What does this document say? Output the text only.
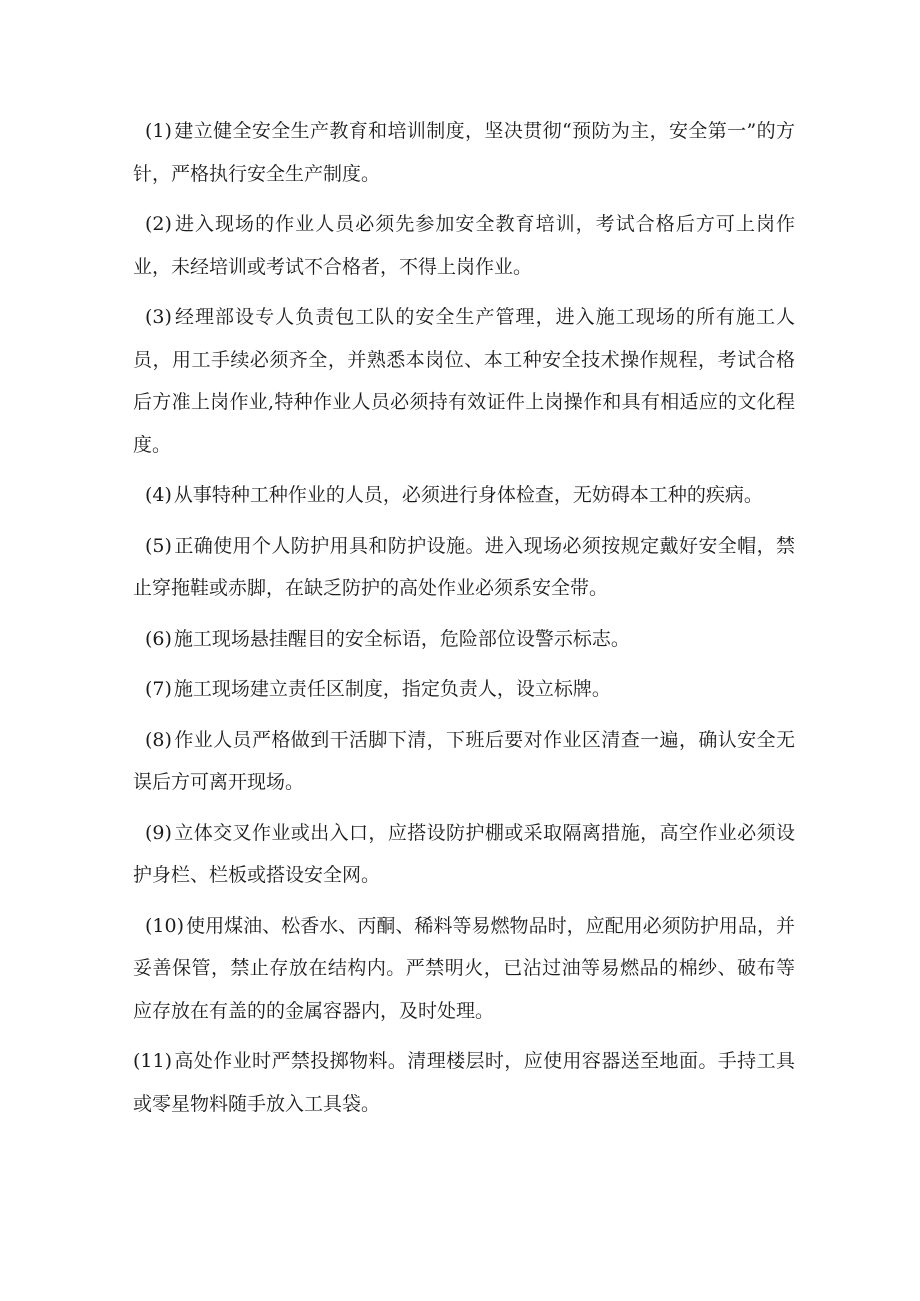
(1) 建立健全安全生产教育和培训制度，坚决贯彻“预防为主，安全第一”的方针，严格执行安全生产制度。

(2) 进入现场的作业人员必须先参加安全教育培训，考试合格后方可上岗作业，未经培训或考试不合格者，不得上岗作业。

(3) 经理部设专人负责包工队的安全生产管理，进入施工现场的所有施工人员，用工手续必须齐全，并熟悉本岗位、本工种安全技术操作规程，考试合格后方准上岗作业,特种作业人员必须持有效证件上岗操作和具有相适应的文化程度。

(4) 从事特种工种作业的人员，必须进行身体检查，无妨碍本工种的疾病。

(5) 正确使用个人防护用具和防护设施。进入现场必须按规定戴好安全帽，禁止穿拖鞋或赤脚，在缺乏防护的高处作业必须系安全带。

(6) 施工现场悬挂醒目的安全标语，危险部位设警示标志。

(7) 施工现场建立责任区制度，指定负责人，设立标牌。

(8) 作业人员严格做到干活脚下清，下班后要对作业区清查一遍，确认安全无误后方可离开现场。

(9) 立体交叉作业或出入口，应搭设防护棚或采取隔离措施，高空作业必须设护身栏、栏板或搭设安全网。

(10) 使用煤油、松香水、丙酮、稀料等易燃物品时，应配用必须防护用品，并妥善保管，禁止存放在结构内。严禁明火，已沾过油等易燃品的棉纱、破布等应存放在有盖的的金属容器内，及时处理。

(11) 高处作业时严禁投掷物料。清理楼层时，应使用容器送至地面。手持工具或零星物料随手放入工具袋。
